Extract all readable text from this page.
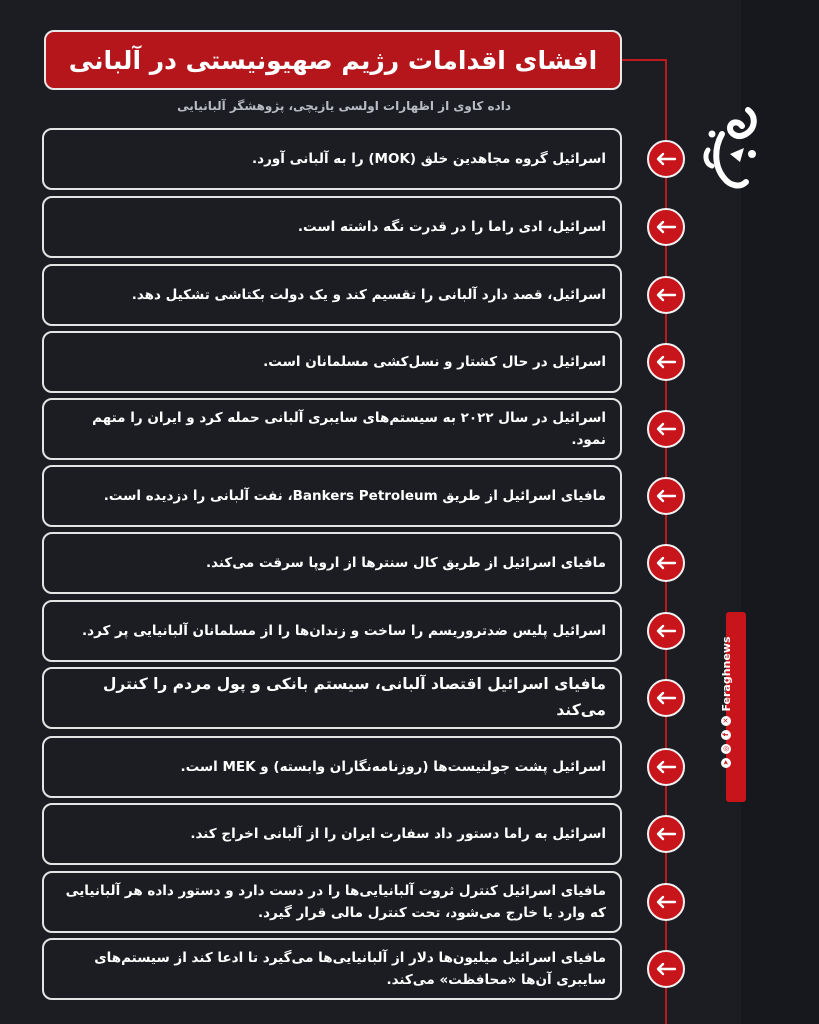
افشای اقدامات رژیم صهیونیستی در آلبانی
داده کاوی از اظهارات اولسی یازیچی، پژوهشگر آلبانیایی
➤
◎
f
✕
Feraghnews
اسرائیل گروه مجاهدین خلق (MOK) را به آلبانی آورد.
اسرائیل، ادی راما را در قدرت نگه داشته است.
اسرائیل، قصد دارد آلبانی را تقسیم کند و یک دولت بکتاشی تشکیل دهد.
اسرائیل در حال کشتار و نسل‌کشی مسلمانان است.
اسرائیل در سال ۲۰۲۲ به سیستم‌های سایبری آلبانی حمله کرد و ایران را متهم نمود.
مافیای اسرائیل از طریق Bankers Petroleum، نفت آلبانی را دزدیده است.
مافیای اسرائیل از طریق کال سنترها از اروپا سرقت می‌کند.
اسرائیل پلیس ضدتروریسم را ساخت و زندان‌ها را از مسلمانان آلبانیایی پر کرد.
مافیای اسرائیل اقتصاد آلبانی، سیستم بانکی و پول مردم را کنترل می‌کند
اسرائیل پشت جولنیست‌ها (روزنامه‌نگاران وابسته) و MEK است.
اسرائیل به راما دستور داد سفارت ایران را از آلبانی اخراج کند.
مافیای اسرائیل کنترل ثروت آلبانیایی‌ها را در دست دارد و دستور داده هر آلبانیایی که وارد یا خارج می‌شود، تحت کنترل مالی قرار گیرد.
مافیای اسرائیل میلیون‌ها دلار از آلبانیایی‌ها می‌گیرد تا ادعا کند از سیستم‌های سایبری آن‌ها «محافظت» می‌کند.
